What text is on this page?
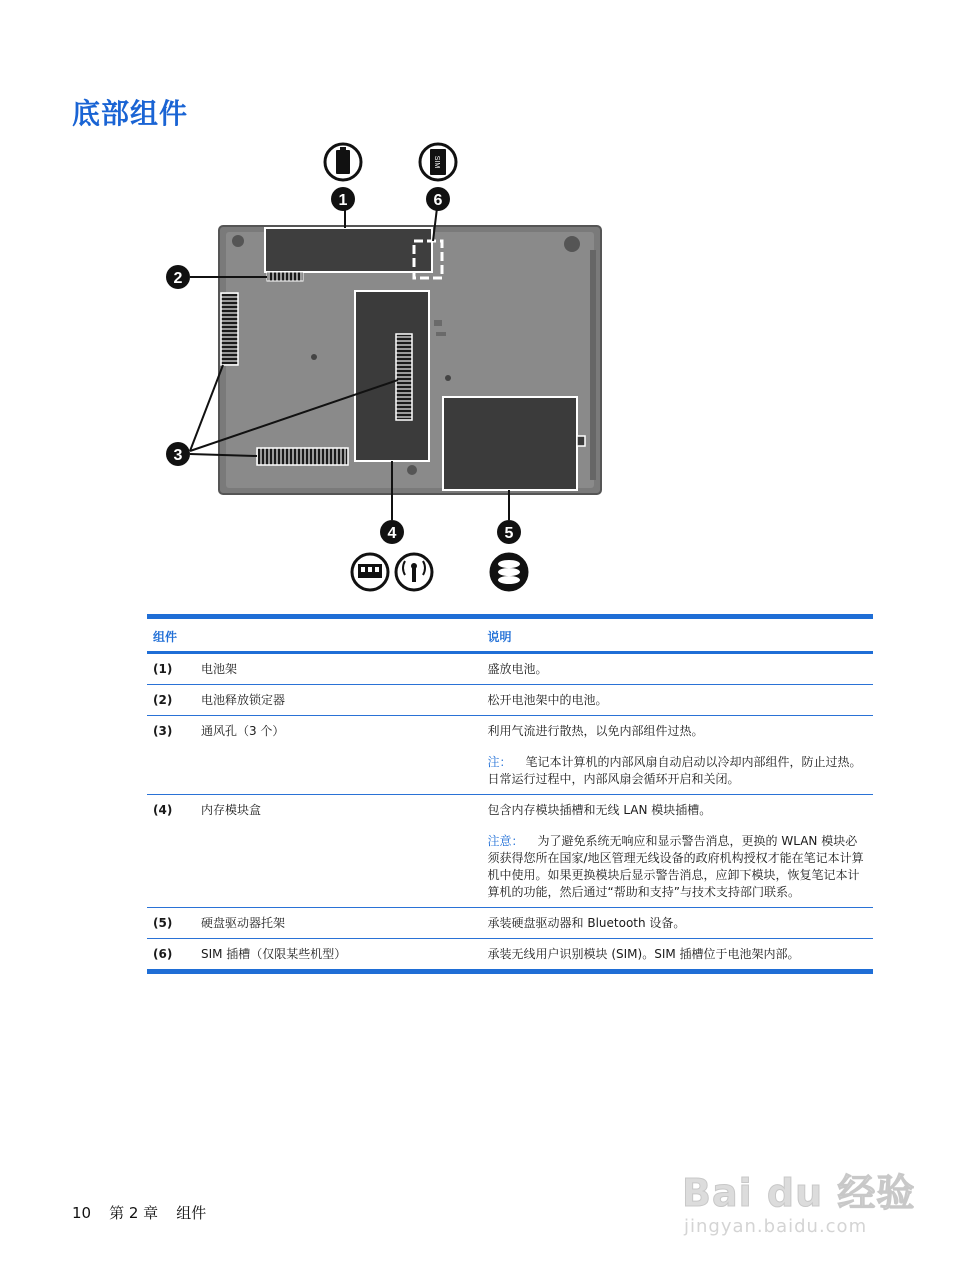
底部组件
1	6
2
3
4	5
SIM
组件		说明
(1)	电池架	盛放电池。
(2)	电池释放锁定器	松开电池架中的电池。
(3)	通风孔（3 个）	利用气流进行散热，以免内部组件过热。
注： 笔记本计算机的内部风扇自动启动以冷却内部组件，防止过热。日常运行过程中，内部风扇会循环开启和关闭。

(4)	内存模块盒	包含内存模块插槽和无线 LAN 模块插槽。
注意： 为了避免系统无响应和显示警告消息，更换的 WLAN 模块必须获得您所在国家/地区管理无线设备的政府机构授权才能在笔记本计算机中使用。如果更换模块后显示警告消息，应卸下模块，恢复笔记本计算机的功能，然后通过“帮助和支持”与技术支持部门联系。

(5)	硬盘驱动器托架	承装硬盘驱动器和 Bluetooth 设备。
(6)	SIM 插槽（仅限某些机型）	承装无线用户识别模块 (SIM)。SIM 插槽位于电池架内部。
10 第 2 章 组件	Bai du 经验
jingyan.baidu.com
